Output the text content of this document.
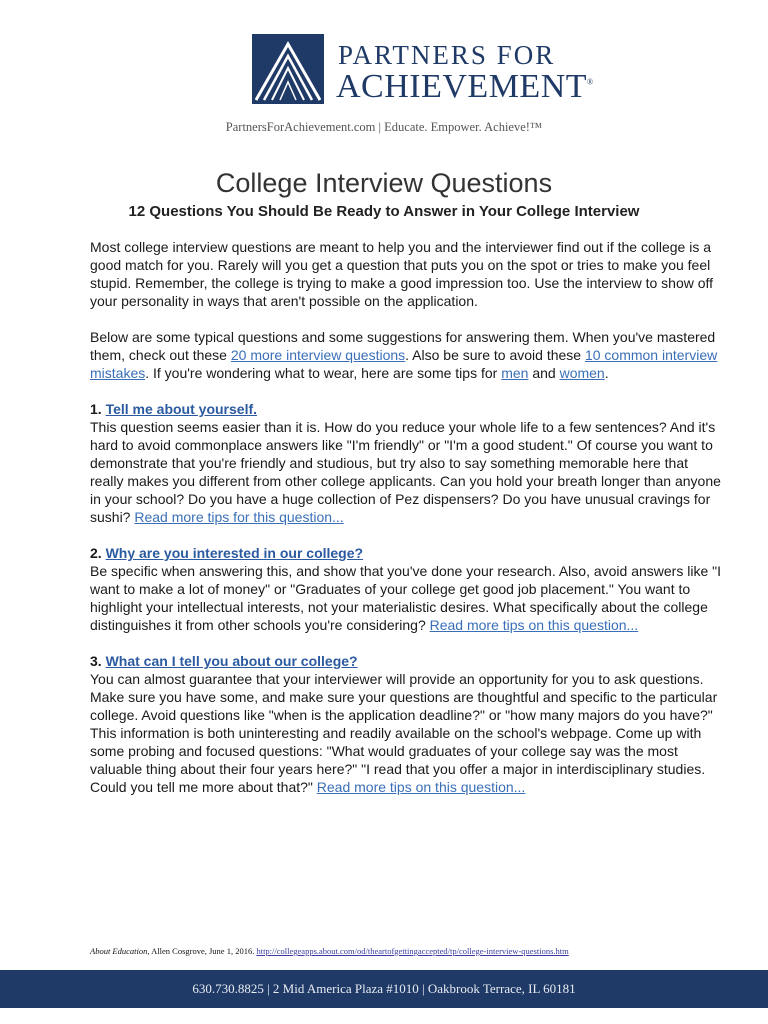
PARTNERS FOR
ACHIEVEMENT®
PartnersForAchievement.com | Educate. Empower. Achieve!™
College Interview Questions
12 Questions You Should Be Ready to Answer in Your College Interview

Most college interview questions are meant to help you and the interviewer find out if the college is a good match for you. Rarely will you get a question that puts you on the spot or tries to make you feel stupid. Remember, the college is trying to make a good impression too. Use the interview to show off your personality in ways that aren't possible on the application.

Below are some typical questions and some suggestions for answering them. When you've mastered them, check out these 20 more interview questions. Also be sure to avoid these 10 common interview mistakes. If you're wondering what to wear, here are some tips for men and women.

1. Tell me about yourself.

This question seems easier than it is. How do you reduce your whole life to a few sentences? And it's hard to avoid commonplace answers like "I'm friendly" or "I'm a good student." Of course you want to demonstrate that you're friendly and studious, but try also to say something memorable here that really makes you different from other college applicants. Can you hold your breath longer than anyone in your school? Do you have a huge collection of Pez dispensers? Do you have unusual cravings for sushi? Read more tips for this question...

2. Why are you interested in our college?

Be specific when answering this, and show that you've done your research. Also, avoid answers like "I want to make a lot of money" or "Graduates of your college get good job placement." You want to highlight your intellectual interests, not your materialistic desires. What specifically about the college distinguishes it from other schools you're considering? Read more tips on this question...

3. What can I tell you about our college?

You can almost guarantee that your interviewer will provide an opportunity for you to ask questions. Make sure you have some, and make sure your questions are thoughtful and specific to the particular college. Avoid questions like "when is the application deadline?" or "how many majors do you have?" This information is both uninteresting and readily available on the school's webpage. Come up with some probing and focused questions: "What would graduates of your college say was the most valuable thing about their four years here?" "I read that you offer a major in interdisciplinary studies. Could you tell me more about that?" Read more tips on this question...

About Education, Allen Cosgrove, June 1, 2016. http://collegeapps.about.com/od/theartofgettingaccepted/tp/college-interview-questions.htm
630.730.8825 | 2 Mid America Plaza #1010 | Oakbrook Terrace, IL 60181
